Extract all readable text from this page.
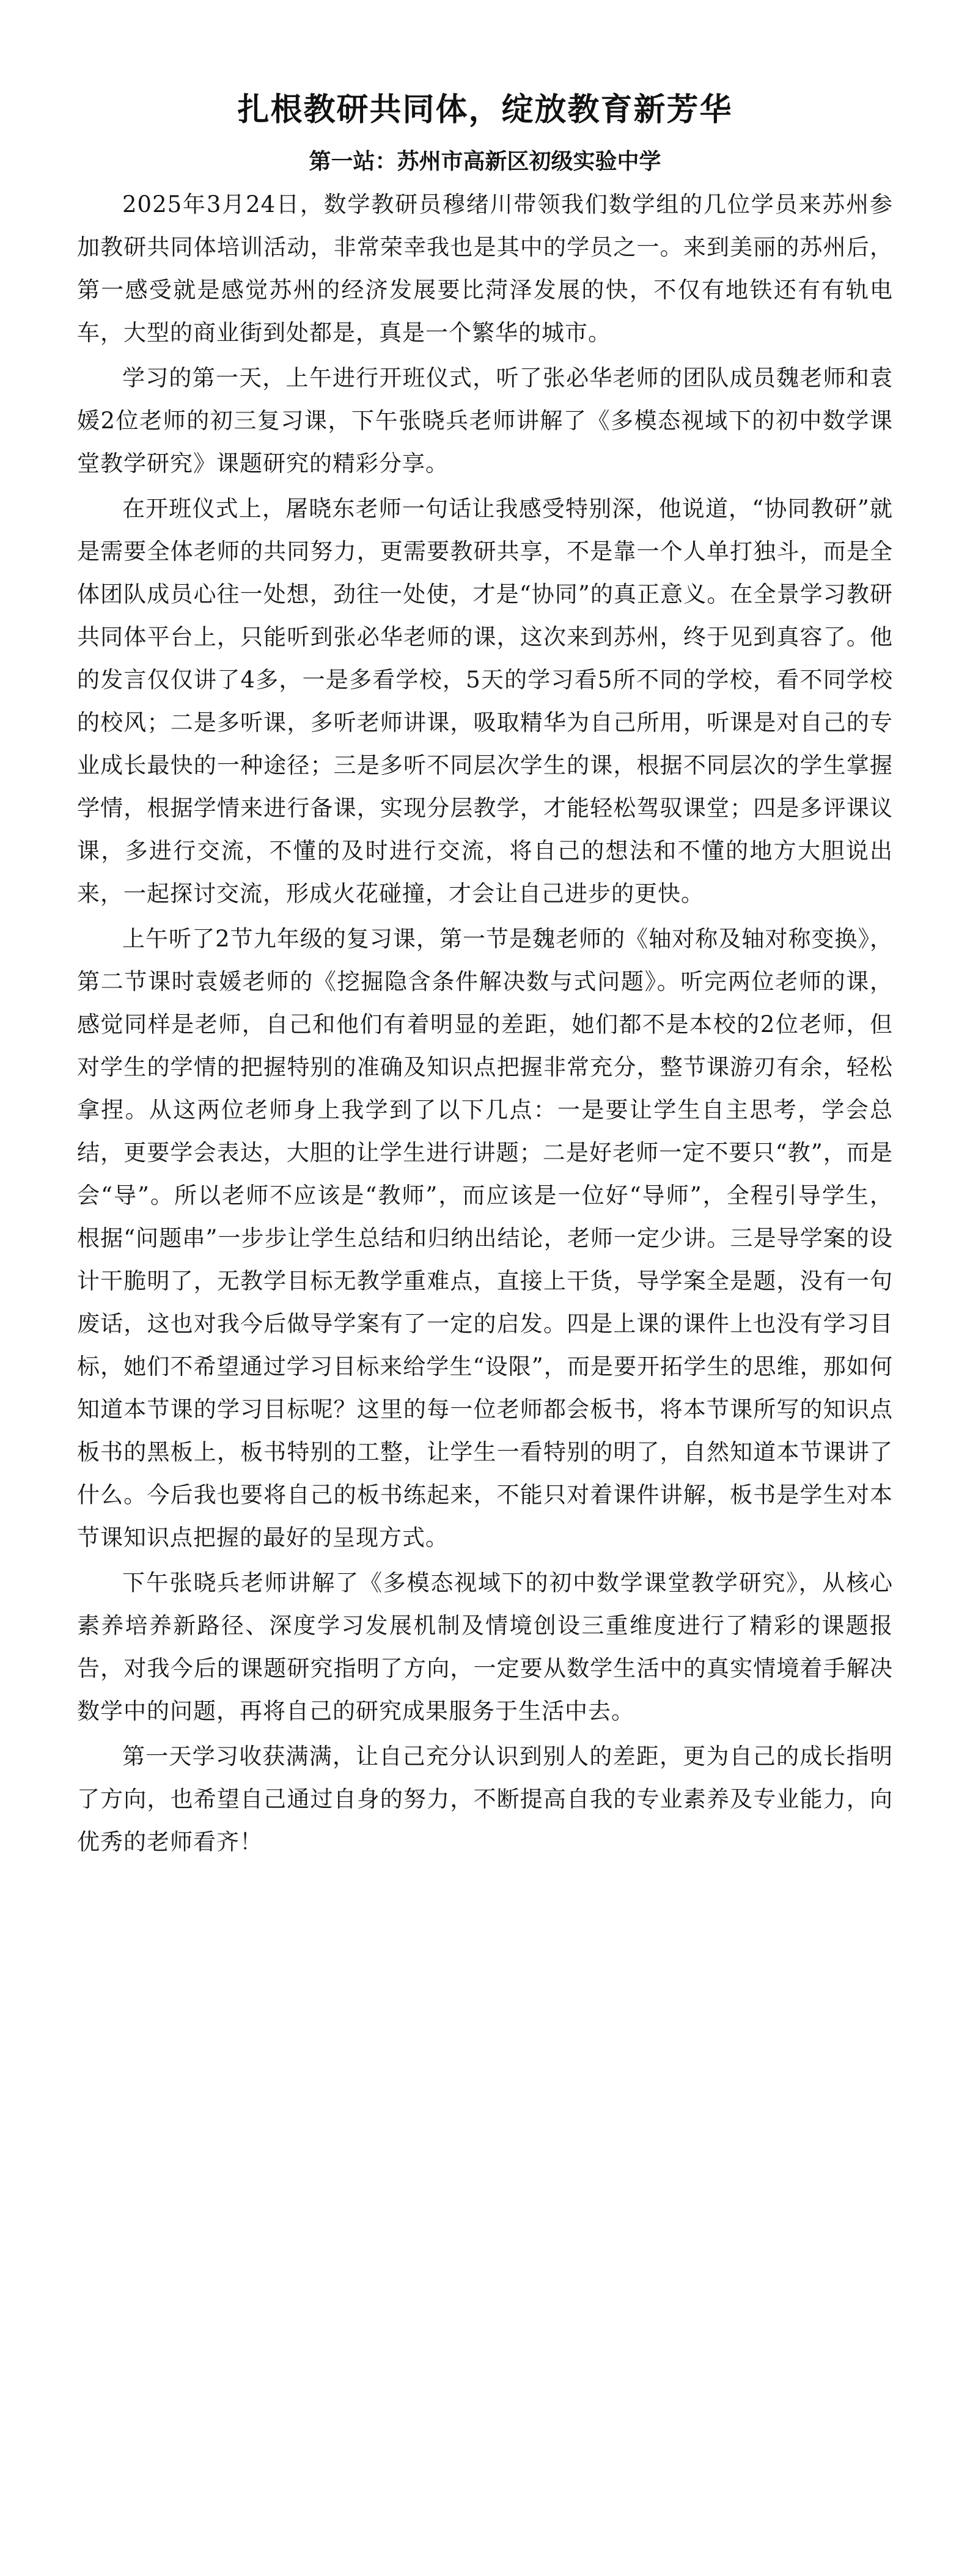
扎根教研共同体，绽放教育新芳华
第一站：苏州市高新区初级实验中学

2025年3月24日，数学教研员穆绪川带领我们数学组的几位学员来苏州参加教研共同体培训活动，非常荣幸我也是其中的学员之一。来到美丽的苏州后，第一感受就是感觉苏州的经济发展要比菏泽发展的快，不仅有地铁还有有轨电车，大型的商业街到处都是，真是一个繁华的城市。

学习的第一天，上午进行开班仪式，听了张必华老师的团队成员魏老师和袁媛2位老师的初三复习课，下午张晓兵老师讲解了《多模态视域下的初中数学课堂教学研究》课题研究的精彩分享。

在开班仪式上，屠晓东老师一句话让我感受特别深，他说道，“协同教研”就是需要全体老师的共同努力，更需要教研共享，不是靠一个人单打独斗，而是全体团队成员心往一处想，劲往一处使，才是“协同”的真正意义。在全景学习教研共同体平台上，只能听到张必华老师的课，这次来到苏州，终于见到真容了。他的发言仅仅讲了4多，一是多看学校，5天的学习看5所不同的学校，看不同学校的校风；二是多听课，多听老师讲课，吸取精华为自己所用，听课是对自己的专业成长最快的一种途径；三是多听不同层次学生的课，根据不同层次的学生掌握学情，根据学情来进行备课，实现分层教学，才能轻松驾驭课堂；四是多评课议课，多进行交流，不懂的及时进行交流，将自己的想法和不懂的地方大胆说出来，一起探讨交流，形成火花碰撞，才会让自己进步的更快。

上午听了2节九年级的复习课，第一节是魏老师的《轴对称及轴对称变换》，第二节课时袁媛老师的《挖掘隐含条件解决数与式问题》。听完两位老师的课，感觉同样是老师，自己和他们有着明显的差距，她们都不是本校的2位老师，但对学生的学情的把握特别的准确及知识点把握非常充分，整节课游刃有余，轻松拿捏。从这两位老师身上我学到了以下几点：一是要让学生自主思考，学会总结，更要学会表达，大胆的让学生进行讲题；二是好老师一定不要只“教”，而是会“导”。所以老师不应该是“教师”，而应该是一位好“导师”，全程引导学生，根据“问题串”一步步让学生总结和归纳出结论，老师一定少讲。三是导学案的设计干脆明了，无教学目标无教学重难点，直接上干货，导学案全是题，没有一句废话，这也对我今后做导学案有了一定的启发。四是上课的课件上也没有学习目标，她们不希望通过学习目标来给学生“设限”，而是要开拓学生的思维，那如何知道本节课的学习目标呢？这里的每一位老师都会板书，将本节课所写的知识点板书的黑板上，板书特别的工整，让学生一看特别的明了，自然知道本节课讲了什么。今后我也要将自己的板书练起来，不能只对着课件讲解，板书是学生对本节课知识点把握的最好的呈现方式。

下午张晓兵老师讲解了《多模态视域下的初中数学课堂教学研究》，从核心素养培养新路径、深度学习发展机制及情境创设三重维度进行了精彩的课题报告，对我今后的课题研究指明了方向，一定要从数学生活中的真实情境着手解决数学中的问题，再将自己的研究成果服务于生活中去。

第一天学习收获满满，让自己充分认识到别人的差距，更为自己的成长指明了方向，也希望自己通过自身的努力，不断提高自我的专业素养及专业能力，向优秀的老师看齐！
